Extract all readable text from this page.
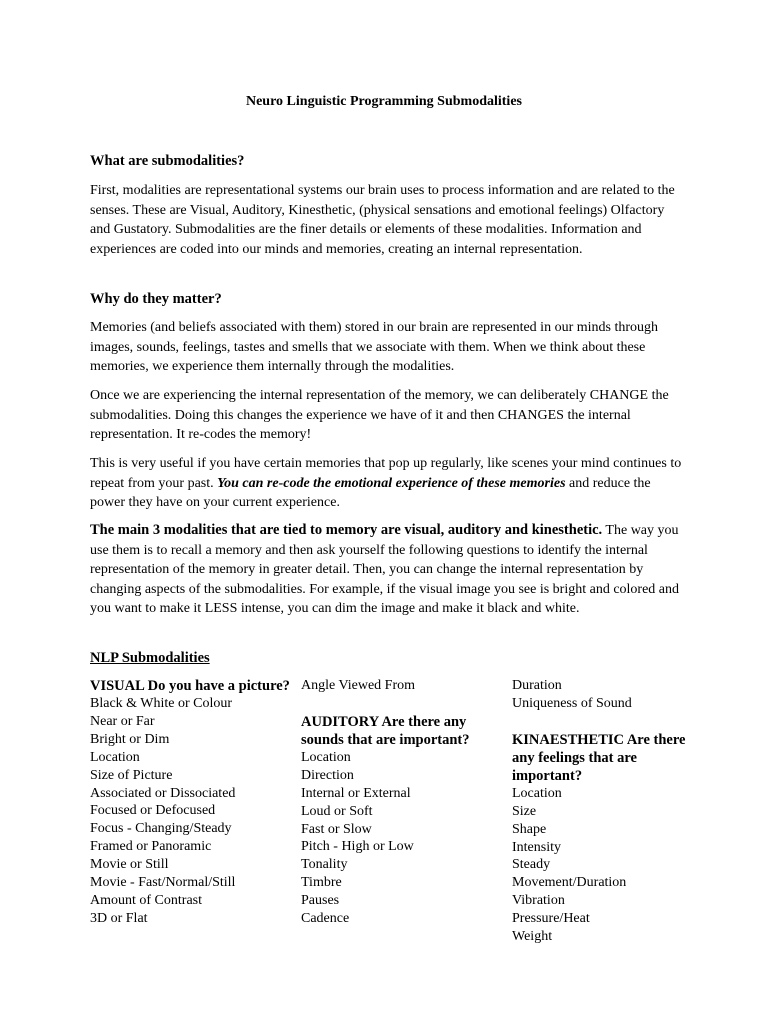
Neuro Linguistic Programming Submodalities
What are submodalities?

First, modalities are representational systems our brain uses to process information and are related to the senses. These are Visual, Auditory, Kinesthetic, (physical sensations and emotional feelings) Olfactory and Gustatory. Submodalities are the finer details or elements of these modalities. Information and experiences are coded into our minds and memories, creating an internal representation.

Why do they matter?

Memories (and beliefs associated with them) stored in our brain are represented in our minds through images, sounds, feelings, tastes and smells that we associate with them. When we think about these memories, we experience them internally through the modalities.

Once we are experiencing the internal representation of the memory, we can deliberately CHANGE the submodalities. Doing this changes the experience we have of it and then CHANGES the internal representation. It re-codes the memory!

This is very useful if you have certain memories that pop up regularly, like scenes your mind continues to repeat from your past. You can re-code the emotional experience of these memories and reduce the power they have on your current experience.

The main 3 modalities that are tied to memory are visual, auditory and kinesthetic. The way you use them is to recall a memory and then ask yourself the following questions to identify the internal representation of the memory in greater detail. Then, you can change the internal representation by changing aspects of the submodalities. For example, if the visual image you see is bright and colored and you want to make it LESS intense, you can dim the image and make it black and white.

NLP Submodalities
VISUAL Do you have a picture?
Black & White or Colour
Near or Far
Bright or Dim
Location
Size of Picture
Associated or Dissociated
Focused or Defocused
Focus - Changing/Steady
Framed or Panoramic
Movie or Still
Movie - Fast/Normal/Still
Amount of Contrast
3D or Flat
Angle Viewed From
AUDITORY Are there any sounds that are important?
Location
Direction
Internal or External
Loud or Soft
Fast or Slow
Pitch - High or Low
Tonality
Timbre
Pauses
Cadence
Duration
Uniqueness of Sound
KINAESTHETIC Are there any feelings that are important?
Location
Size
Shape
Intensity
Steady
Movement/Duration
Vibration
Pressure/Heat
Weight
